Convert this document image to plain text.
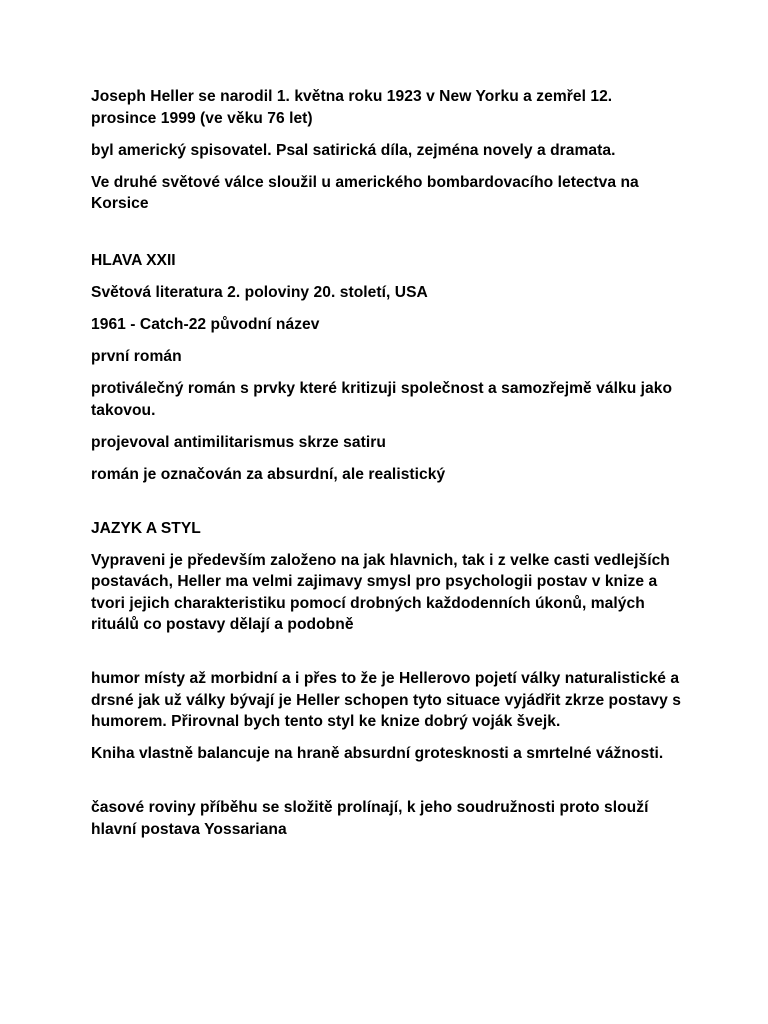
Joseph Heller se narodil 1. května roku 1923 v New Yorku a zemřel 12. prosince 1999 (ve věku 76 let)

byl americký spisovatel. Psal satirická díla, zejména novely a dramata.

Ve druhé světové válce sloužil u amerického bombardovacího letectva na Korsice

HLAVA XXII

Světová literatura 2. poloviny 20. století, USA

1961 - Catch-22 původní název

první román

protiválečný román s prvky které kritizuji společnost a samozřejmě válku jako takovou.

projevoval antimilitarismus skrze satiru

román je označován za absurdní, ale realistický

JAZYK A STYL

Vypraveni je především založeno na jak hlavnich, tak i z velke casti vedlejších postavách, Heller ma velmi zajimavy smysl pro psychologii postav v knize a tvori jejich charakteristiku pomocí drobných každodenních úkonů, malých rituálů co postavy dělají a podobně

humor místy až morbidní a i přes to že je Hellerovo pojetí války naturalistické a drsné jak už války bývají je Heller schopen tyto situace vyjádřit zkrze postavy s humorem. Přirovnal bych tento styl ke knize dobrý voják švejk.

Kniha vlastně balancuje na hraně absurdní grotesknosti a smrtelné vážnosti.

časové roviny příběhu se složitě prolínají, k jeho soudružnosti proto slouží hlavní postava Yossariana
